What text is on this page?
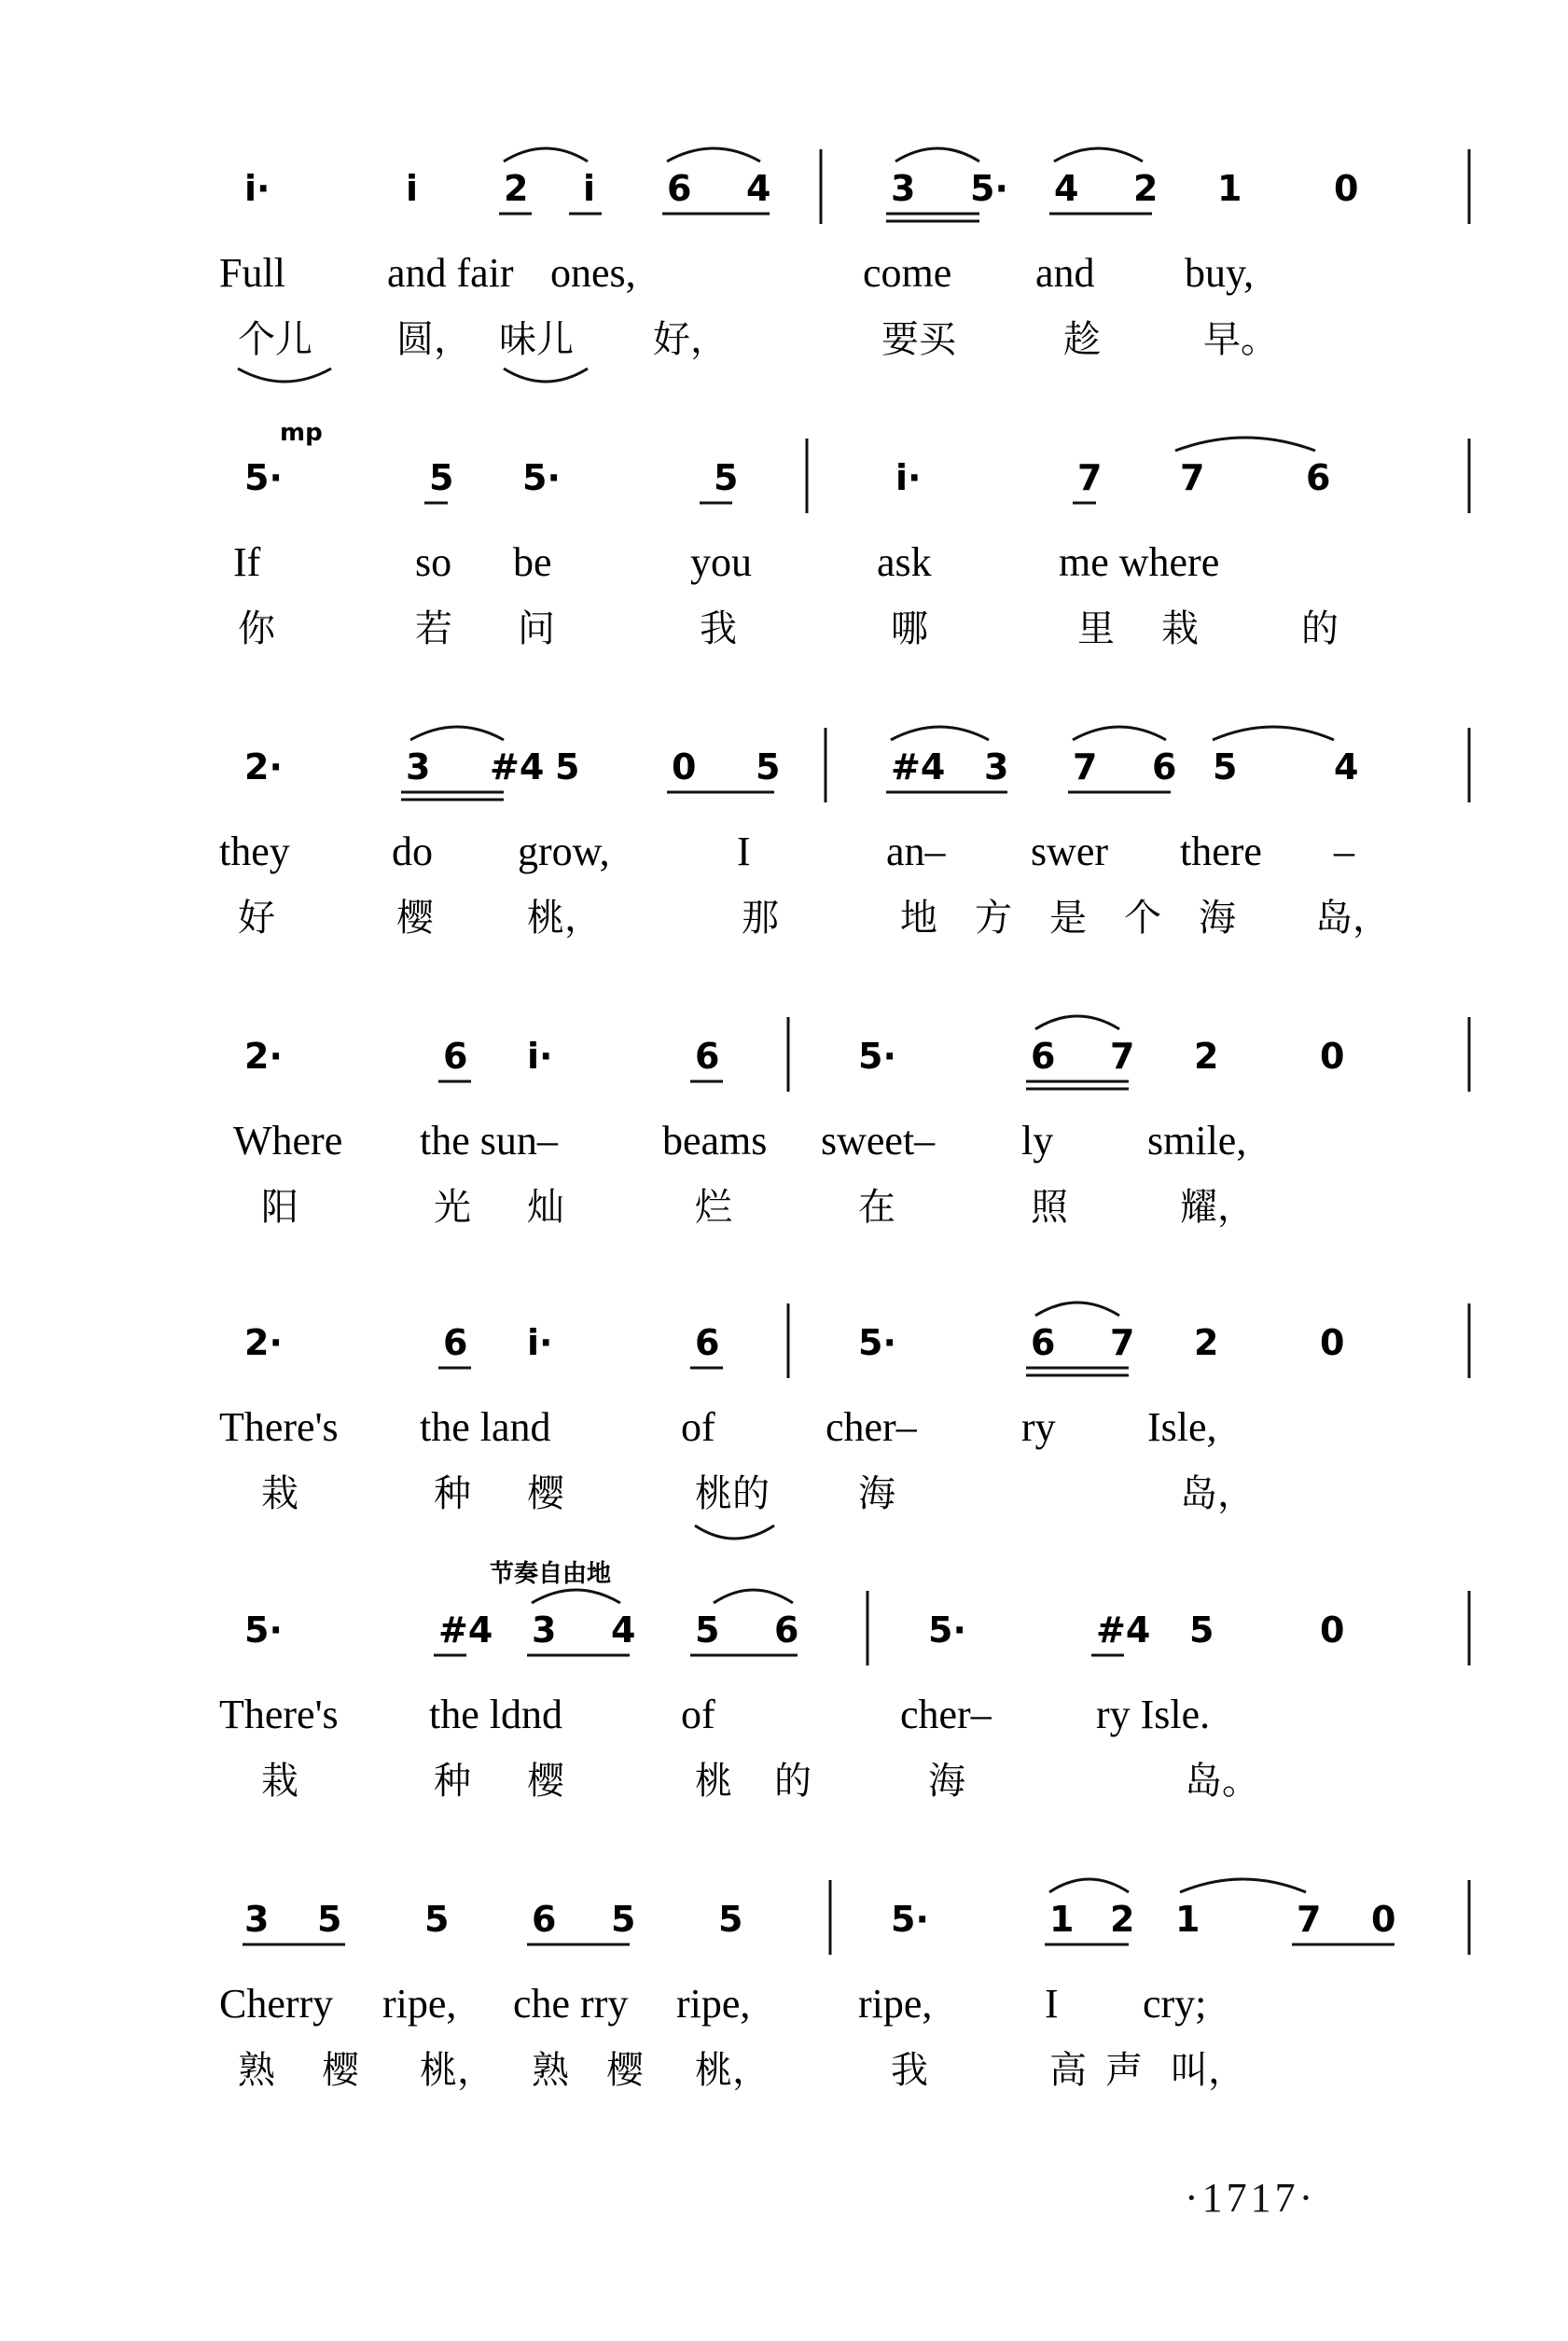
i·	i 2 i 6 4	3 5· 4 2 1	0
Full and fair ones,	come and buy,
个儿 圆， 味儿 好，	要买	趁	早。
5·	5 5·	5	i·	7 7	6
If	so be	you	ask	me where
你	若 问	我	哪	里 栽	的
2·	3 #4 5	0 5	#4 3 7 6 5	4
they do grow,	I	an– swer there –
好	樱	桃，	那	地 方 是 个 海 岛，
2·	6 i·	6	5·	6 7 2	0
Where the sun–	beams sweet– ly smile,
阳	光 灿	烂	在	照	耀，
2·	6 i·	6	5·	6 7 2	0
There's the land	of	cher–	ry Isle,
栽	种 樱	桃的 海	岛，
5·	#4 3 4 5 6	5·	#4 5	0
There's the ldnd	of	cher–	ry Isle.
栽	种 樱	桃 的	海	岛。
3 5 5 6 5 5	5·	1 2 1	7 0
Cherry ripe, che rry ripe,	ripe,	I cry;
熟 樱 桃， 熟 樱 桃，	我	高 声 叫，
mp
节奏自由地
·1717·
